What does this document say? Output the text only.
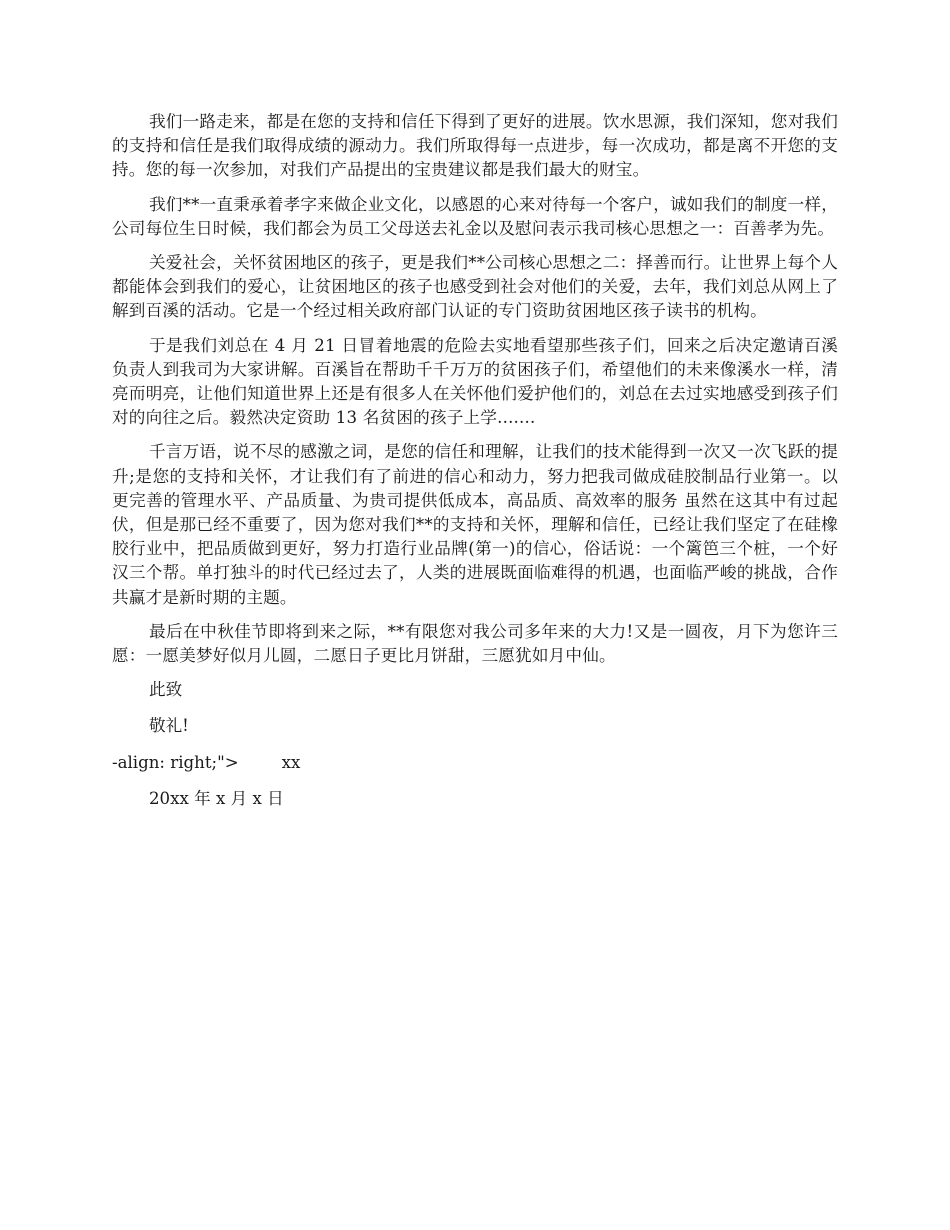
我们一路走来，都是在您的支持和信任下得到了更好的进展。饮水思源，我们深知，您对我们的支持和信任是我们取得成绩的源动力。我们所取得每一点进步，每一次成功，都是离不开您的支持。您的每一次参加，对我们产品提出的宝贵建议都是我们最大的财宝。

我们**一直秉承着孝字来做企业文化，以感恩的心来对待每一个客户，诚如我们的制度一样，公司每位生日时候，我们都会为员工父母送去礼金以及慰问表示我司核心思想之一：百善孝为先。

关爱社会，关怀贫困地区的孩子，更是我们**公司核心思想之二：择善而行。让世界上每个人都能体会到我们的爱心，让贫困地区的孩子也感受到社会对他们的关爱，去年，我们刘总从网上了解到百溪的活动。它是一个经过相关政府部门认证的专门资助贫困地区孩子读书的机构。

于是我们刘总在 4 月 21 日冒着地震的危险去实地看望那些孩子们，回来之后决定邀请百溪负责人到我司为大家讲解。百溪旨在帮助千千万万的贫困孩子们，希望他们的未来像溪水一样，清亮而明亮，让他们知道世界上还是有很多人在关怀他们爱护他们的，刘总在去过实地感受到孩子们对的向往之后。毅然决定资助 13 名贫困的孩子上学.......

千言万语，说不尽的感激之词，是您的信任和理解，让我们的技术能得到一次又一次飞跃的提升;是您的支持和关怀，才让我们有了前进的信心和动力，努力把我司做成硅胶制品行业第一。以更完善的管理水平、产品质量、为贵司提供低成本，高品质、高效率的服务 虽然在这其中有过起伏，但是那已经不重要了，因为您对我们**的支持和关怀，理解和信任，已经让我们坚定了在硅橡胶行业中，把品质做到更好，努力打造行业品牌(第一)的信心，俗话说：一个篱笆三个桩，一个好汉三个帮。单打独斗的时代已经过去了，人类的进展既面临难得的机遇，也面临严峻的挑战，合作共赢才是新时期的主题。

最后在中秋佳节即将到来之际，**有限您对我公司多年来的大力!又是一圆夜，月下为您许三愿：一愿美梦好似月儿圆，二愿日子更比月饼甜，三愿犹如月中仙。

此致

敬礼!

-align: right;">	xx

20xx 年 x 月 x 日
